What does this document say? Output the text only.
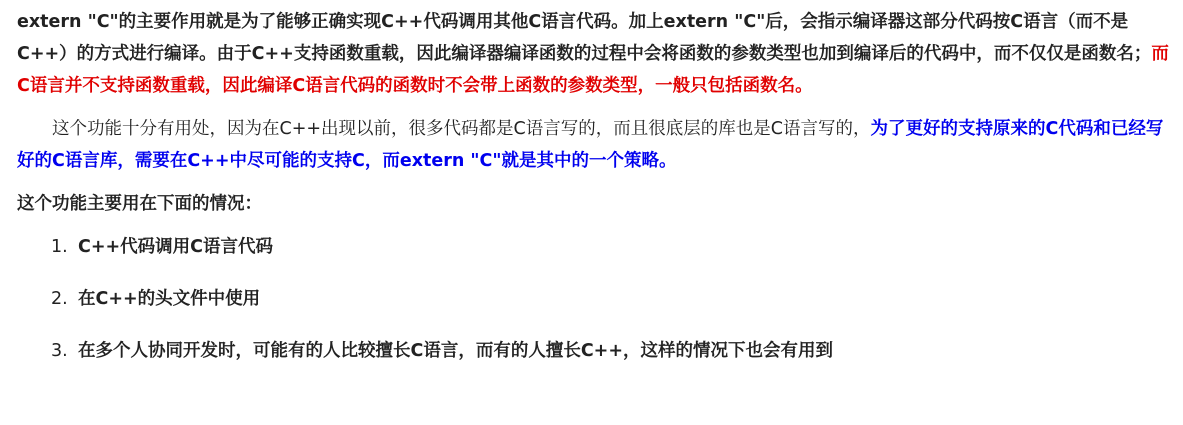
extern "C"的主要作用就是为了能够正确实现C++代码调用其他C语言代码。加上extern "C"后，会指示编译器这部分代码按C语言（而不是C++）的方式进行编译。由于C++支持函数重载，因此编译器编译函数的过程中会将函数的参数类型也加到编译后的代码中，而不仅仅是函数名；而C语言并不支持函数重载，因此编译C语言代码的函数时不会带上函数的参数类型，一般只包括函数名。

这个功能十分有用处，因为在C++出现以前，很多代码都是C语言写的，而且很底层的库也是C语言写的，为了更好的支持原来的C代码和已经写好的C语言库，需要在C++中尽可能的支持C，而extern "C"就是其中的一个策略。

这个功能主要用在下面的情况：

1. C++代码调用C语言代码
2. 在C++的头文件中使用
3. 在多个人协同开发时，可能有的人比较擅长C语言，而有的人擅长C++，这样的情况下也会有用到
